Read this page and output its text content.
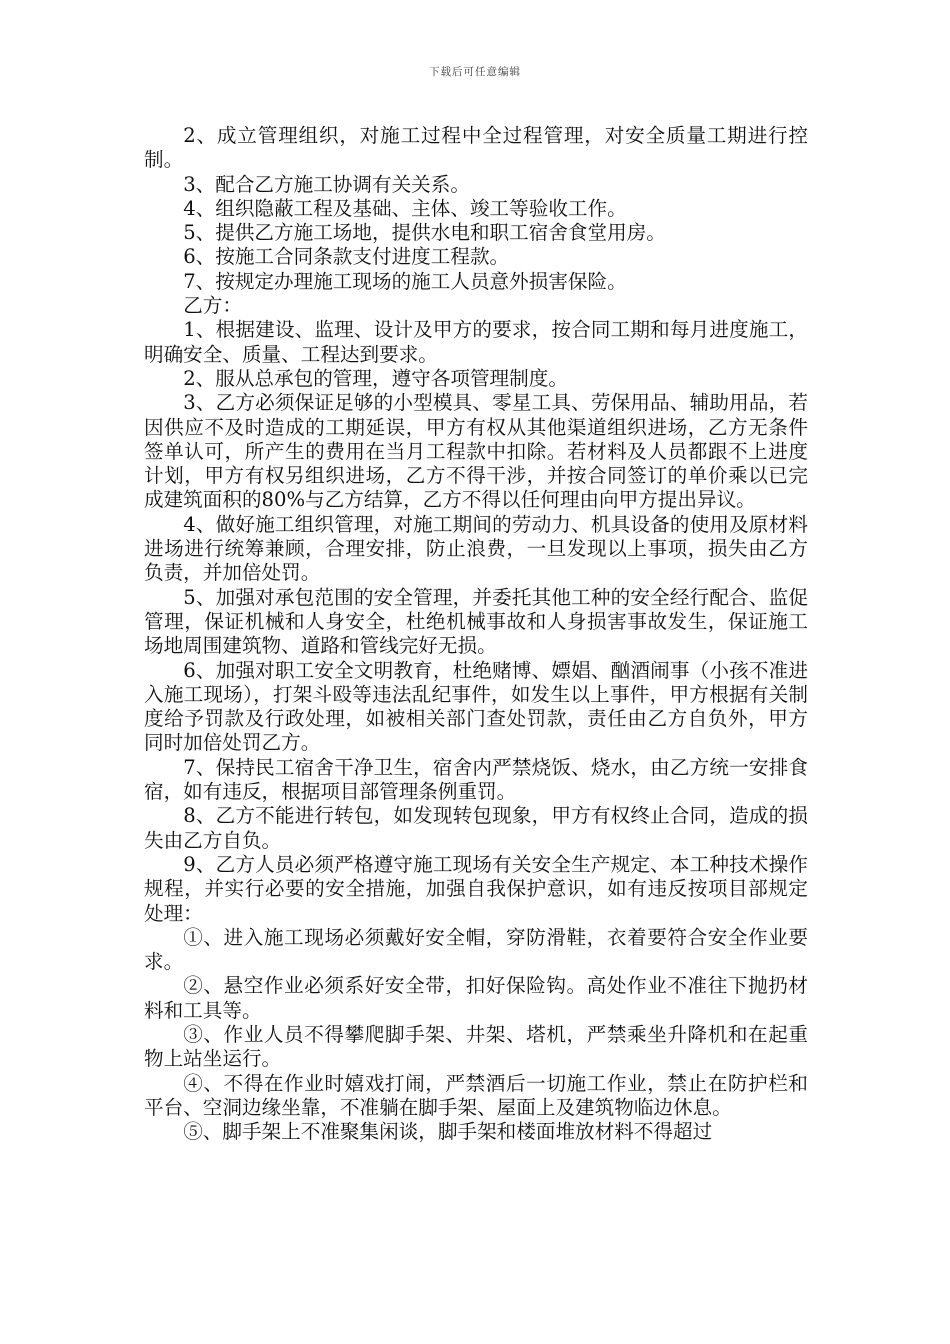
下载后可任意编辑

2、成立管理组织，对施工过程中全过程管理，对安全质量工期进行控制。

3、配合乙方施工协调有关关系。

4、组织隐蔽工程及基础、主体、竣工等验收工作。

5、提供乙方施工场地，提供水电和职工宿舍食堂用房。

6、按施工合同条款支付进度工程款。

7、按规定办理施工现场的施工人员意外损害保险。

乙方：

1、根据建设、监理、设计及甲方的要求，按合同工期和每月进度施工，明确安全、质量、工程达到要求。

2、服从总承包的管理，遵守各项管理制度。

3、乙方必须保证足够的小型模具、零星工具、劳保用品、辅助用品，若因供应不及时造成的工期延误，甲方有权从其他渠道组织进场，乙方无条件签单认可，所产生的费用在当月工程款中扣除。若材料及人员都跟不上进度计划，甲方有权另组织进场，乙方不得干涉，并按合同签订的单价乘以已完成建筑面积的80%与乙方结算，乙方不得以任何理由向甲方提出异议。

4、做好施工组织管理，对施工期间的劳动力、机具设备的使用及原材料进场进行统筹兼顾，合理安排，防止浪费，一旦发现以上事项，损失由乙方负责，并加倍处罚。

5、加强对承包范围的安全管理，并委托其他工种的安全经行配合、监促管理，保证机械和人身安全，杜绝机械事故和人身损害事故发生，保证施工场地周围建筑物、道路和管线完好无损。

6、加强对职工安全文明教育，杜绝赌博、嫖娼、酗酒闹事（小孩不准进入施工现场），打架斗殴等违法乱纪事件，如发生以上事件，甲方根据有关制度给予罚款及行政处理，如被相关部门查处罚款，责任由乙方自负外，甲方同时加倍处罚乙方。

7、保持民工宿舍干净卫生，宿舍内严禁烧饭、烧水，由乙方统一安排食宿，如有违反，根据项目部管理条例重罚。

8、乙方不能进行转包，如发现转包现象，甲方有权终止合同，造成的损失由乙方自负。

9、乙方人员必须严格遵守施工现场有关安全生产规定、本工种技术操作规程，并实行必要的安全措施，加强自我保护意识，如有违反按项目部规定处理：

①、进入施工现场必须戴好安全帽，穿防滑鞋，衣着要符合安全作业要求。

②、悬空作业必须系好安全带，扣好保险钩。高处作业不准往下抛扔材料和工具等。

③、作业人员不得攀爬脚手架、井架、塔机，严禁乘坐升降机和在起重物上站坐运行。

④、不得在作业时嬉戏打闹，严禁酒后一切施工作业，禁止在防护栏和平台、空洞边缘坐靠，不准躺在脚手架、屋面上及建筑物临边休息。

⑤、脚手架上不准聚集闲谈，脚手架和楼面堆放材料不得超过
